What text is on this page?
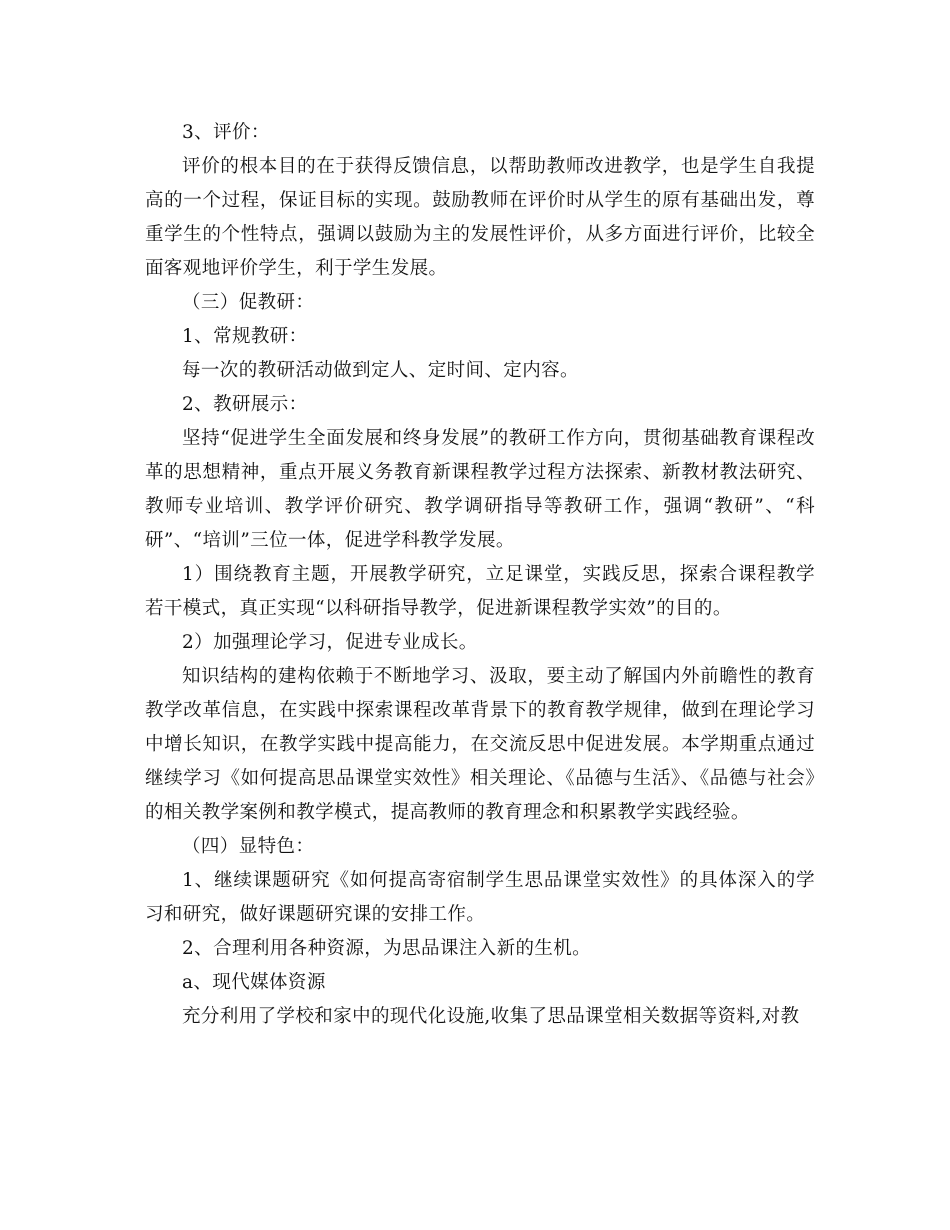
3、评价：

评价的根本目的在于获得反馈信息，以帮助教师改进教学，也是学生自我提高的一个过程，保证目标的实现。鼓励教师在评价时从学生的原有基础出发，尊重学生的个性特点，强调以鼓励为主的发展性评价，从多方面进行评价，比较全面客观地评价学生，利于学生发展。

（三）促教研：

1、常规教研：

每一次的教研活动做到定人、定时间、定内容。

2、教研展示：

坚持“促进学生全面发展和终身发展”的教研工作方向，贯彻基础教育课程改革的思想精神，重点开展义务教育新课程教学过程方法探索、新教材教法研究、教师专业培训、教学评价研究、教学调研指导等教研工作，强调“教研”、“科研”、“培训”三位一体，促进学科教学发展。

1）围绕教育主题，开展教学研究，立足课堂，实践反思，探索合课程教学若干模式，真正实现“以科研指导教学，促进新课程教学实效”的目的。

2）加强理论学习，促进专业成长。

知识结构的建构依赖于不断地学习、汲取，要主动了解国内外前瞻性的教育教学改革信息，在实践中探索课程改革背景下的教育教学规律，做到在理论学习中增长知识，在教学实践中提高能力，在交流反思中促进发展。本学期重点通过继续学习《如何提高思品课堂实效性》相关理论、《品德与生活》、《品德与社会》的相关教学案例和教学模式，提高教师的教育理念和积累教学实践经验。

（四）显特色：

1、继续课题研究《如何提高寄宿制学生思品课堂实效性》的具体深入的学习和研究，做好课题研究课的安排工作。

2、合理利用各种资源，为思品课注入新的生机。

a、现代媒体资源

充分利用了学校和家中的现代化设施,收集了思品课堂相关数据等资料,对教
